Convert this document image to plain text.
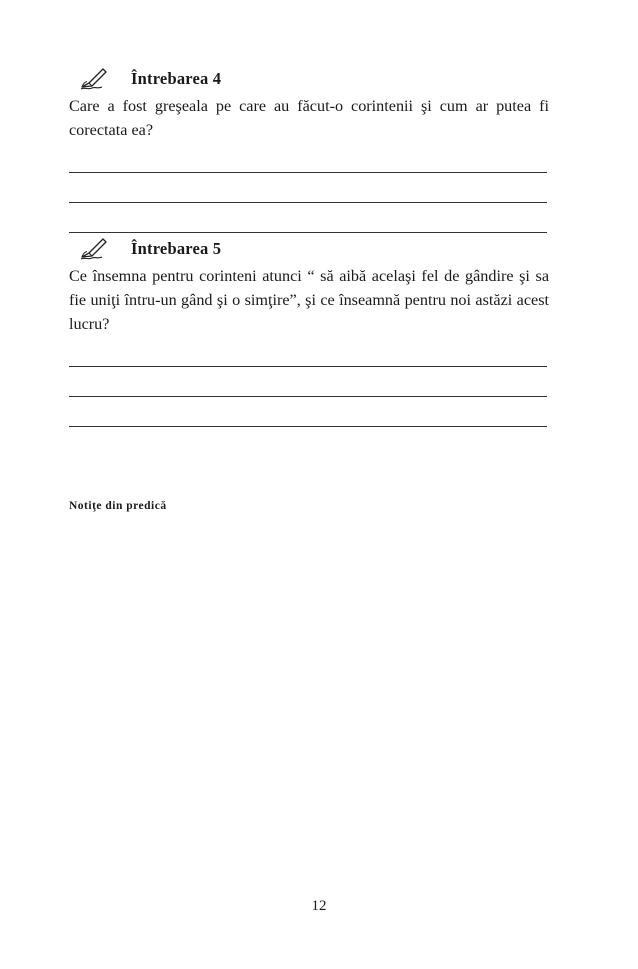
Întrebarea 4

Care a fost greşeala pe care au făcut-o corintenii şi cum ar putea fi corectata ea?

Întrebarea 5

Ce însemna pentru corinteni atunci “ să aibă acelaşi fel de gândire şi sa fie uniţi întru-un gând şi o simţire”, şi ce înseamnă pentru noi astăzi acest lucru?

Notiţe din predică
12
